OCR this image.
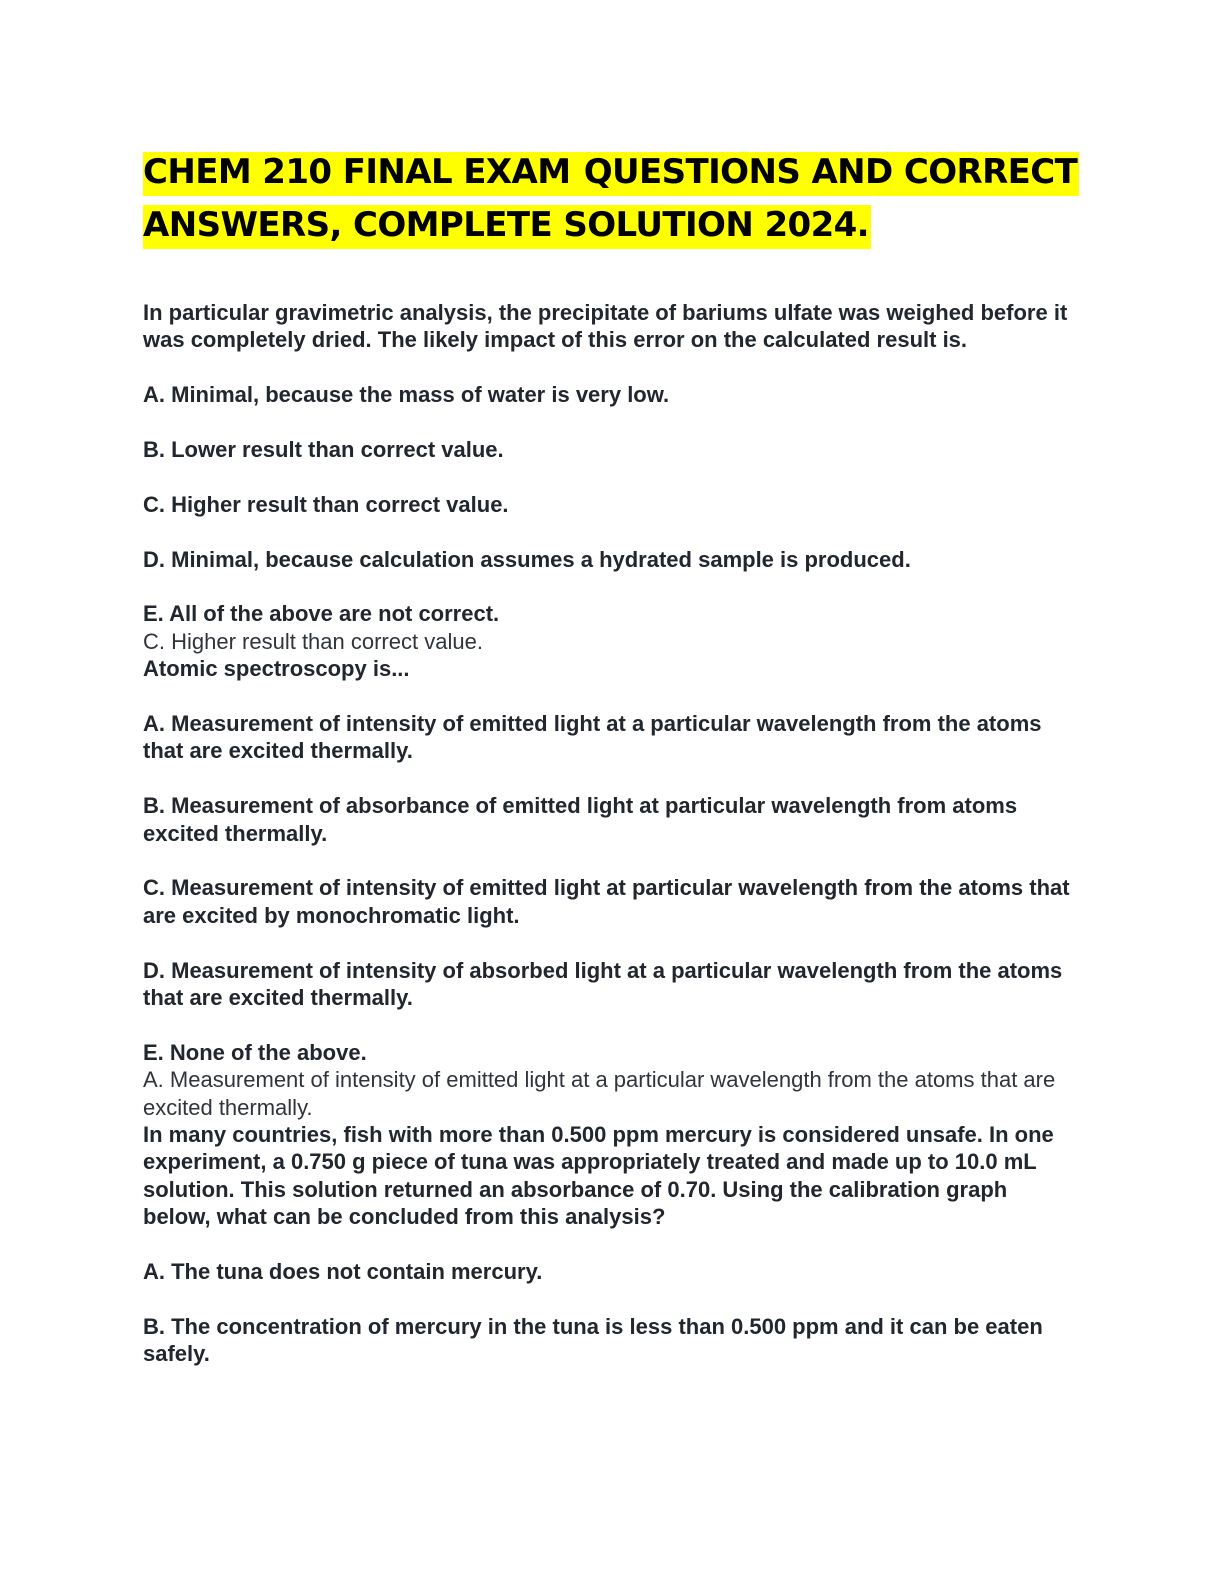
CHEM 210 FINAL EXAM QUESTIONS AND CORRECT ANSWERS, COMPLETE SOLUTION 2024.

In particular gravimetric analysis, the precipitate of bariums ulfate was weighed before it was completely dried. The likely impact of this error on the calculated result is.

A. Minimal, because the mass of water is very low.

B. Lower result than correct value.

C. Higher result than correct value.

D. Minimal, because calculation assumes a hydrated sample is produced.

E. All of the above are not correct.

C. Higher result than correct value.

Atomic spectroscopy is...

A. Measurement of intensity of emitted light at a particular wavelength from the atoms that are excited thermally.

B. Measurement of absorbance of emitted light at particular wavelength from atoms excited thermally.

C. Measurement of intensity of emitted light at particular wavelength from the atoms that are excited by monochromatic light.

D. Measurement of intensity of absorbed light at a particular wavelength from the atoms that are excited thermally.

E. None of the above.

A. Measurement of intensity of emitted light at a particular wavelength from the atoms that are excited thermally.

In many countries, fish with more than 0.500 ppm mercury is considered unsafe. In one experiment, a 0.750 g piece of tuna was appropriately treated and made up to 10.0 mL solution. This solution returned an absorbance of 0.70. Using the calibration graph below, what can be concluded from this analysis?

A. The tuna does not contain mercury.

B. The concentration of mercury in the tuna is less than 0.500 ppm and it can be eaten safely.
